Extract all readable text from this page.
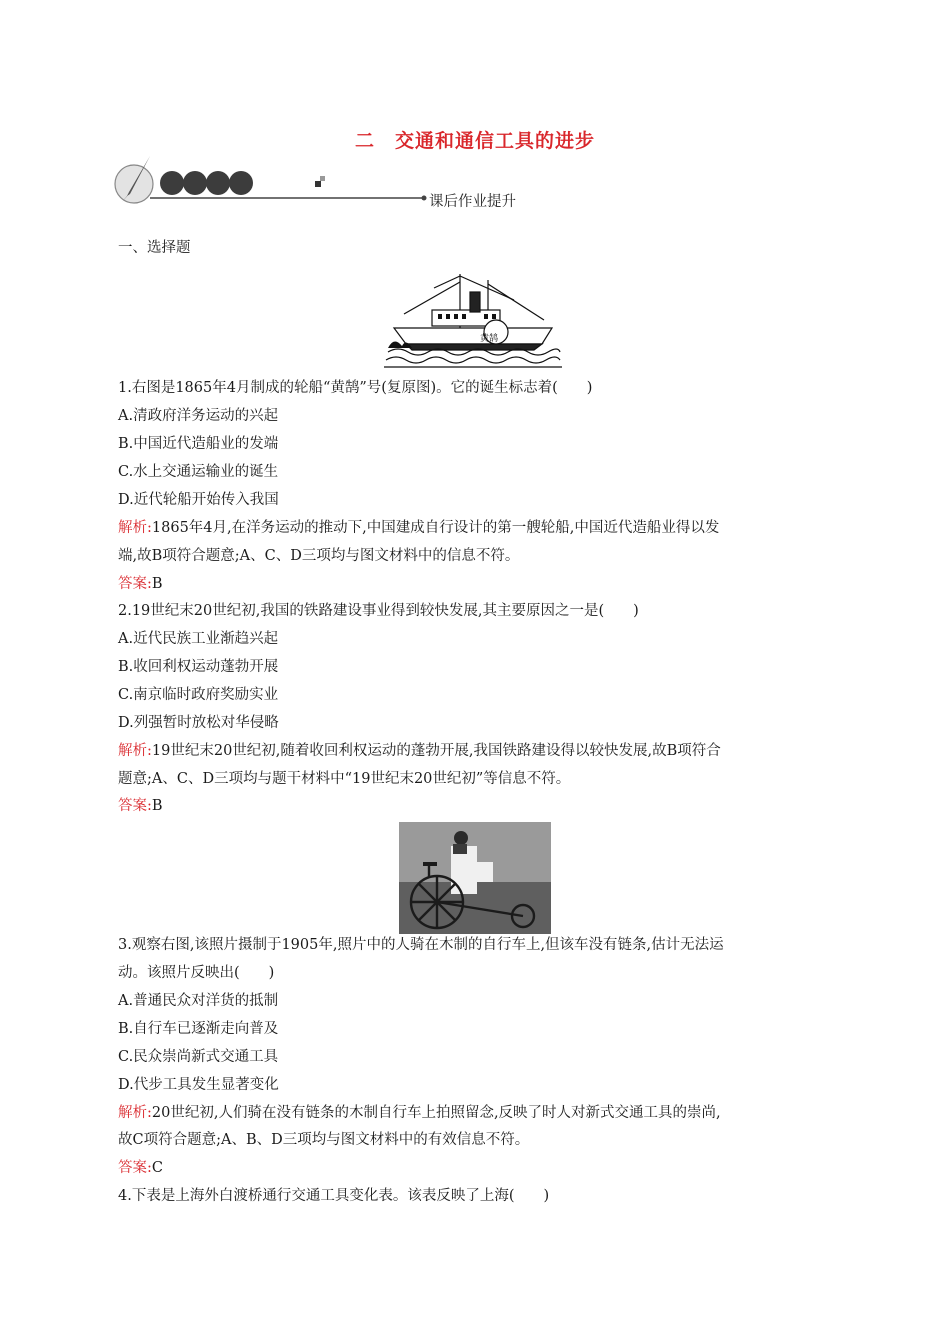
二　交通和通信工具的进步
课后作业提升
一、选择题
黄鹄
1.右图是1865年4月制成的轮船“黄鹄”号(复原图)。它的诞生标志着(　　)
A.清政府洋务运动的兴起
B.中国近代造船业的发端
C.水上交通运输业的诞生
D.近代轮船开始传入我国
解析:1865年4月,在洋务运动的推动下,中国建成自行设计的第一艘轮船,中国近代造船业得以发
端,故B项符合题意;A、C、D三项均与图文材料中的信息不符。
答案:B
2.19世纪末20世纪初,我国的铁路建设事业得到较快发展,其主要原因之一是(　　)
A.近代民族工业渐趋兴起
B.收回利权运动蓬勃开展
C.南京临时政府奖励实业
D.列强暂时放松对华侵略
解析:19世纪末20世纪初,随着收回利权运动的蓬勃开展,我国铁路建设得以较快发展,故B项符合
题意;A、C、D三项均与题干材料中“19世纪末20世纪初”等信息不符。
答案:B
3.观察右图,该照片摄制于1905年,照片中的人骑在木制的自行车上,但该车没有链条,估计无法运
动。该照片反映出(　　)
A.普通民众对洋货的抵制
B.自行车已逐渐走向普及
C.民众崇尚新式交通工具
D.代步工具发生显著变化
解析:20世纪初,人们骑在没有链条的木制自行车上拍照留念,反映了时人对新式交通工具的崇尚,
故C项符合题意;A、B、D三项均与图文材料中的有效信息不符。
答案:C
4.下表是上海外白渡桥通行交通工具变化表。该表反映了上海(　　)
